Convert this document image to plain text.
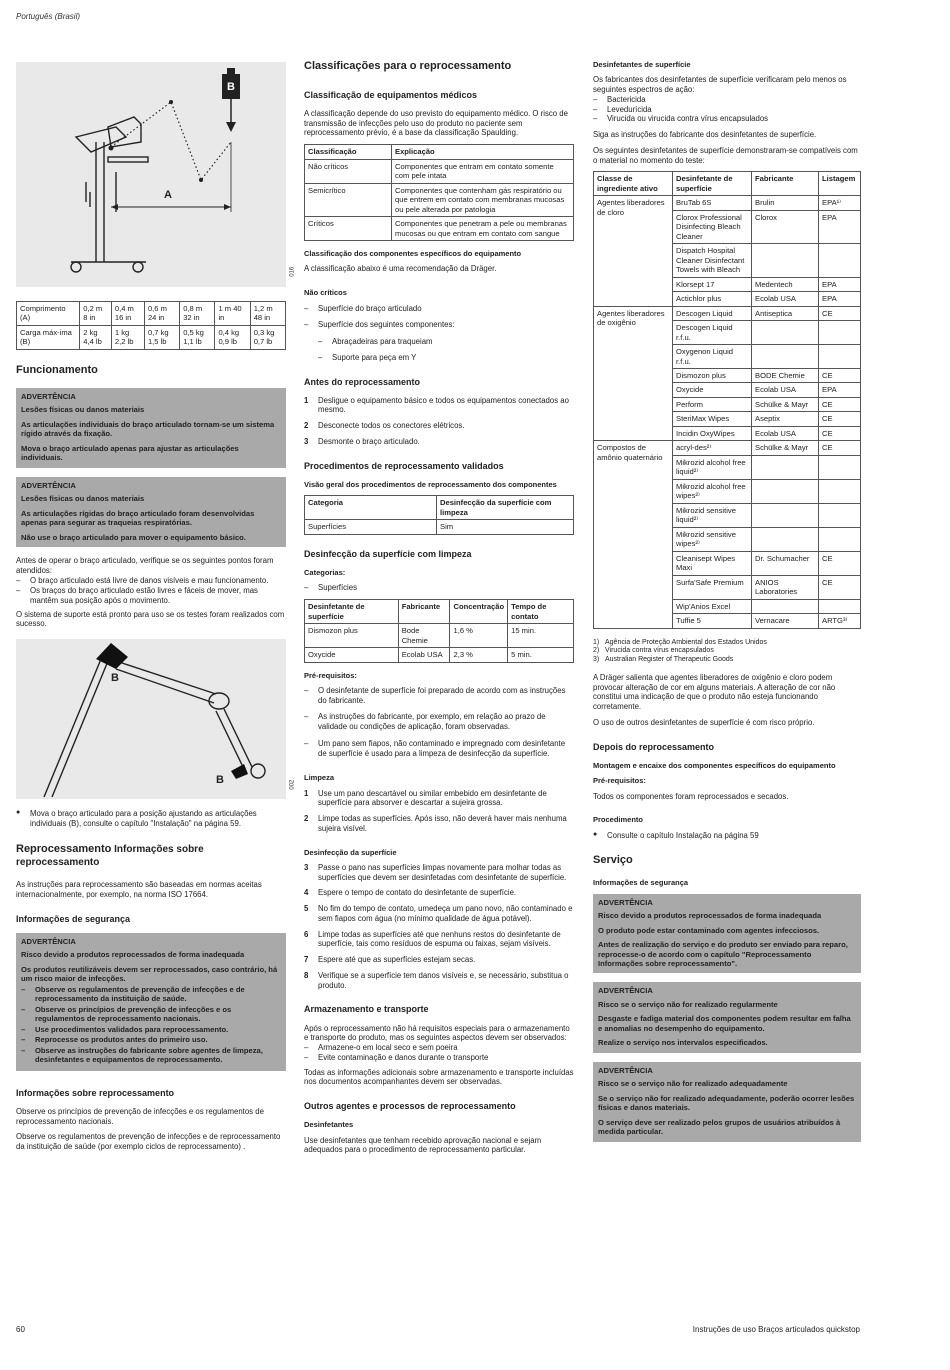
Português (Brasil)
B
A
016
Comprimento (A)	0,2 m 8 in	0,4 m 16 in	0,6 m 24 in	0,8 m 32 in	1 m 40 in	1,2 m 48 in
Carga máx-ima (B)	2 kg 4,4 lb	1 kg 2,2 lb	0,7 kg 1,5 lb	0,5 kg 1,1 lb	0,4 kg 0,9 lb	0,3 kg 0,7 lb
Funcionamento
ADVERTÊNCIA
Lesões físicas ou danos materiais
As articulações individuais do braço articulado tornam-se um sistema rígido através da fixação.
Mova o braço articulado apenas para ajustar as articulações individuais.
ADVERTÊNCIA
Lesões físicas ou danos materiais
As articulações rígidas do braço articulado foram desenvolvidas apenas para segurar as traqueias respiratórias.
Não use o braço articulado para mover o equipamento básico.

Antes de operar o braço articulado, verifique se os seguintes pontos foram atendidos:

– O braço articulado está livre de danos visíveis e mau funcionamento.
– Os braços do braço articulado estão livres e fáceis de mover, mas mantêm sua posição após o movimento.

O sistema de suporte está pronto para uso se os testes foram realizados com sucesso.

B
B	002
● Mova o braço articulado para a posição ajustando as articulações individuais (B), consulte o capítulo "Instalação" na página 59.
Reprocessamento Informações sobre reprocessamento

As instruções para reprocessamento são baseadas em normas aceitas internacionalmente, por exemplo, na norma ISO 17664.

Informações de segurança
ADVERTÊNCIA
Risco devido a produtos reprocessados de forma inadequada
Os produtos reutilizáveis devem ser reprocessados, caso contrário, há um risco maior de infecções.
– Observe os regulamentos de prevenção de infecções e de reprocessamento da instituição de saúde.
– Observe os princípios de prevenção de infecções e os regulamentos de reprocessamento nacionais.
– Use procedimentos validados para reprocessamento.
– Reprocesse os produtos antes do primeiro uso.
– Observe as instruções do fabricante sobre agentes de limpeza, desinfetantes e equipamentos de reprocessamento.
Informações sobre reprocessamento

Observe os princípios de prevenção de infecções e os regulamentos de reprocessamento nacionais.

Observe os regulamentos de prevenção de infecções e de reprocessamento da instituição de saúde (por exemplo ciclos de reprocessamento) .

Classificações para o reprocessamento
Classificação de equipamentos médicos

A classificação depende do uso previsto do equipamento médico. O risco de transmissão de infecções pelo uso do produto no paciente sem reprocessamento prévio, é a base da classificação Spaulding.

Classificação	Explicação
Não críticos	Componentes que entram em contato somente com pele intata
Semicrítico	Componentes que contenham gás respiratório ou que entrem em contato com membranas mucosas ou pele alterada por patologia
Críticos	Componentes que penetram a pele ou membranas mucosas ou que entram em contato com sangue
Classificação dos componentes específicos do equipamento

A classificação abaixo é uma recomendação da Dräger.

Não críticos
– Superfície do braço articulado
– Superfície dos seguintes componentes:
– Abraçadeiras para traqueiam
– Suporte para peça em Y
Antes do reprocessamento
1 Desligue o equipamento básico e todos os equipamentos conectados ao mesmo.
2 Desconecte todos os conectores elétricos.
3 Desmonte o braço articulado.
Procedimentos de reprocessamento validados
Visão geral dos procedimentos de reprocessamento dos componentes
Categoria	Desinfecção da superfície com limpeza
Superfícies	Sim
Desinfecção da superfície com limpeza
Categorias:
– Superfícies
Desinfetante de superfície	Fabricante	Concentração	Tempo de contato
Dismozon plus	Bode Chemie	1,6 %	15 min.
Oxycide	Ecolab USA	2,3 %	5 min.
Pré-requisitos:
– O desinfetante de superfície foi preparado de acordo com as instruções do fabricante.
– As instruções do fabricante, por exemplo, em relação ao prazo de validade ou condições de aplicação, foram observadas.
– Um pano sem fiapos, não contaminado e impregnado com desinfetante de superfície é usado para a limpeza de desinfecção da superfície.
Limpeza
1 Use um pano descartável ou similar embebido em desinfetante de superfície para absorver e descartar a sujeira grossa.
2 Limpe todas as superfícies. Após isso, não deverá haver mais nenhuma sujeira visível.
Desinfecção da superfície
3 Passe o pano nas superfícies limpas novamente para molhar todas as superfícies que devem ser desinfetadas com desinfetante de superfície.
4 Espere o tempo de contato do desinfetante de superfície.
5 No fim do tempo de contato, umedeça um pano novo, não contaminado e sem fiapos com água (no mínimo qualidade de água potável).
6 Limpe todas as superfícies até que nenhuns restos do desinfetante de superfície, tais como resíduos de espuma ou faixas, sejam visíveis.
7 Espere até que as superfícies estejam secas.
8 Verifique se a superfície tem danos visíveis e, se necessário, substitua o produto.
Armazenamento e transporte

Após o reprocessamento não há requisitos especiais para o armazenamento e transporte do produto, mas os seguintes aspectos devem ser observados:

– Armazene-o em local seco e sem poeira
– Evite contaminação e danos durante o transporte

Todas as informações adicionais sobre armazenamento e transporte incluídas nos documentos acompanhantes devem ser observadas.

Outros agentes e processos de reprocessamento
Desinfetantes

Use desinfetantes que tenham recebido aprovação nacional e sejam adequados para o procedimento de reprocessamento particular.

Desinfetantes de superfície

Os fabricantes dos desinfetantes de superfície verificaram pelo menos os seguintes espectros de ação:

– Bactericida
– Levedurícida
– Virucida ou virucida contra vírus encapsulados

Siga as instruções do fabricante dos desinfetantes de superfície.

Os seguintes desinfetantes de superfície demonstraram-se compatíveis com o material no momento do teste:

Classe de ingrediente ativo	Desinfetante de superfície	Fabricante	Listagem
Agentes liberadores de cloro	BruTab 6S	Brulin	EPA¹⁾
	Clorox Professional Disinfecting Bleach Cleaner	Clorox	EPA
	Dispatch Hospital Cleaner Disinfectant Towels with Bleach		
	Klorsept 17	Medentech	EPA
	Actichlor plus	Ecolab USA	EPA
Agentes liberadores de oxigênio	Descogen Liquid	Antiseptica	CE
	Descogen Liquid r.f.u.		
	Oxygenon Liquid r.f.u.		
	Dismozon plus	BODE Chemie	CE
	Oxycide	Ecolab USA	EPA
	Perform	Schülke & Mayr	CE
	SteriMax Wipes	Aseptix	CE
	Incidin OxyWipes	Ecolab USA	CE
Compostos de amônio quaternário	acryl-des²⁾	Schülke & Mayr	CE
	Mikrozid alcohol free liquid²⁾		
	Mikrozid alcohol free wipes²⁾		
	Mikrozid sensitive liquid²⁾		
	Mikrozid sensitive wipes²⁾		
	Cleanisept Wipes Maxi	Dr. Schumacher	CE
	Surfa'Safe Premium	ANIOS Laboratories	CE
	Wip'Anios Excel		
	Tuffie 5	Vernacare	ARTG³⁾

1) Agência de Proteção Ambiental dos Estados Unidos

2) Virucida contra vírus encapsulados

3) Australian Register of Therapeutic Goods

A Dräger salienta que agentes liberadores de oxigênio e cloro podem provocar alteração de cor em alguns materiais. A alteração de cor não constitui uma indicação de que o produto não esteja funcionando corretamente.

O uso de outros desinfetantes de superfície é com risco próprio.

Depois do reprocessamento
Montagem e encaixe dos componentes específicos do equipamento
Pré-requisitos:

Todos os componentes foram reprocessados e secados.

Procedimento
● Consulte o capítulo Instalação na página 59
Serviço
Informações de segurança
ADVERTÊNCIA
Risco devido a produtos reprocessados de forma inadequada
O produto pode estar contaminado com agentes infecciosos.
Antes de realização do serviço e do produto ser enviado para reparo, reprocesse-o de acordo com o capítulo "Reprocessamento Informações sobre reprocessamento".
ADVERTÊNCIA
Risco se o serviço não for realizado regularmente
Desgaste e fadiga material dos componentes podem resultar em falha e anomalias no desempenho do equipamento.
Realize o serviço nos intervalos especificados.
ADVERTÊNCIA
Risco se o serviço não for realizado adequadamente
Se o serviço não for realizado adequadamente, poderão ocorrer lesões físicas e danos materiais.
O serviço deve ser realizado pelos grupos de usuários atribuídos à medida particular.
60	Instruções de uso Braços articulados quickstop
